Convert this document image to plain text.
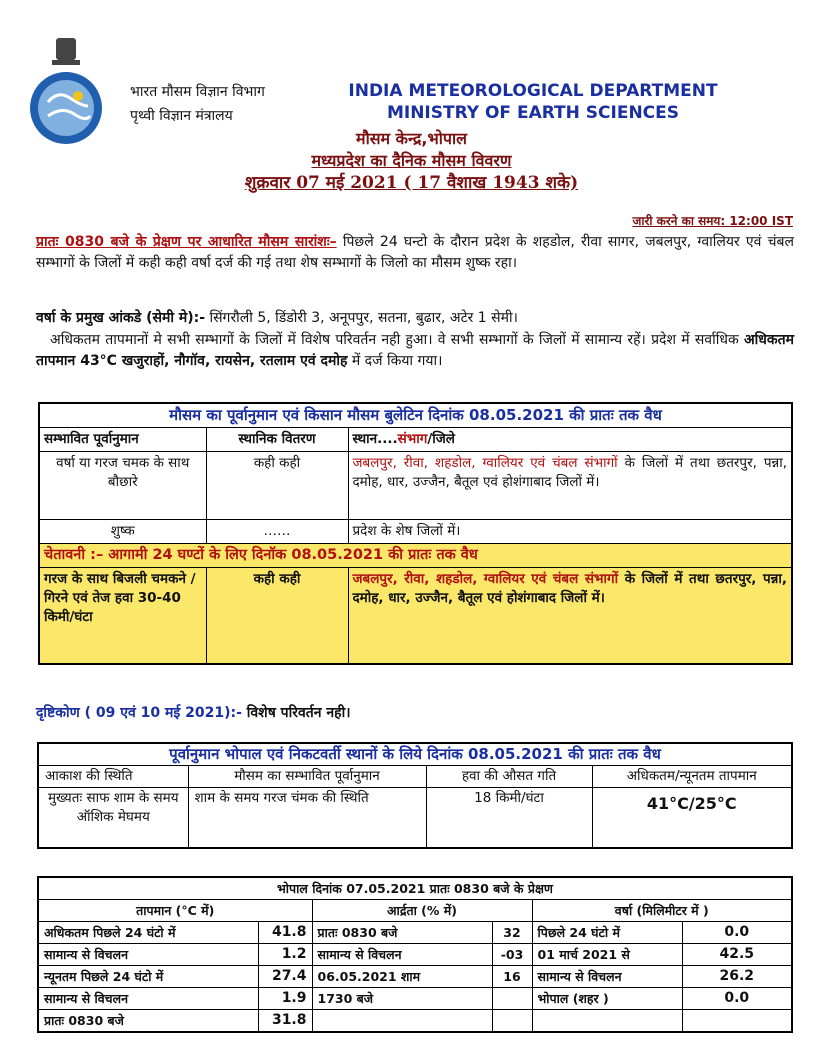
भारत मौसम विज्ञान विभाग
पृथ्वी विज्ञान मंत्रालय
INDIA METEOROLOGICAL DEPARTMENT
MINISTRY OF EARTH SCIENCES
मौसम केन्द्र,भोपाल
मध्यप्रदेश का दैनिक मौसम विवरण
शुक्रवार 07 मई 2021 ( 17 वैशाख 1943 शके)
जारी करने का समय: 12:00 IST
प्रातः 0830 बजे के प्रेक्षण पर आधारित मौसम सारांशः– पिछले 24 घन्टो के दौरान प्रदेश के शहडोल, रीवा सागर, जबलपुर, ग्वालियर एवं चंबल सम्भागों के जिलों में कही कही वर्षा दर्ज की गई तथा शेष सम्भागों के जिलो का मौसम शुष्क रहा।
वर्षा के प्रमुख आंकडे (सेमी मे):- सिंगरौली 5, डिंडोरी 3, अनूपपुर, सतना, बुढार, अटेर 1 सेमी।
अधिकतम तापमानों मे सभी सम्भागों के जिलों में विशेष परिवर्तन नही हुआ। वे सभी सम्भागों के जिलों में सामान्य रहें। प्रदेश में सर्वाधिक अधिकतम तापमान 43°C खजुराहों, नौगॉव, रायसेन, रतलाम एवं दमोह में दर्ज किया गया।
मौसम का पूर्वानुमान एवं किसान मौसम बुलेटिन दिनांक 08.05.2021 की प्रातः तक वैध		
सम्भावित पूर्वानुमान	स्थानिक वितरण	स्थान....संभाग/जिले
वर्षा या गरज चमक के साथ बौछारे	कही कही	जबलपुर, रीवा, शहडोल, ग्वालियर एवं चंबल संभागों के जिलों में तथा छतरपुर, पन्ना, दमोह, धार, उज्जैन, बैतूल एवं होशंगाबाद जिलों में।
शुष्क	……	प्रदेश के शेष जिलों में।
चेतावनी :– आगामी 24 घण्टों के लिए दिनॉक 08.05.2021 की प्रातः तक वैध		
गरज के साथ बिजली चमकने / गिरने एवं तेज हवा 30-40 किमी/घंटा	कही कही	जबलपुर, रीवा, शहडोल, ग्वालियर एवं चंबल संभागों के जिलों में तथा छतरपुर, पन्ना, दमोह, धार, उज्जैन, बैतूल एवं होशंगाबाद जिलों में।
दृष्टिकोण ( 09 एवं 10 मई 2021):- विशेष परिवर्तन नही।
पूर्वानुमान भोपाल एवं निकटवर्ती स्थानों के लिये दिनांक 08.05.2021 की प्रातः तक वैध			
आकाश की स्थिति	मौसम का सम्भावित पूर्वानुमान	हवा की औसत गति	अधिकतम/न्यूनतम तापमान
मुख्यतः साफ शाम के समय ऑशिक मेघमय	शाम के समय गरज चंमक की स्थिति	18 किमी/घंटा	41°C/25°C
भोपाल दिनांक 07.05.2021 प्रातः 0830 बजे के प्रेक्षण					
तापमान (°C में)		आर्द्रता (% में)		वर्षा (मिलिमीटर में )	
अधिकतम पिछले 24 घंटो में	41.8	प्रातः 0830 बजे	32	पिछले 24 घंटो में	0.0
सामान्य से विचलन	1.2	सामान्य से विचलन	-03	01 मार्च 2021 से	42.5
न्यूनतम पिछले 24 घंटो में	27.4	06.05.2021 शाम	16	सामान्य से विचलन	26.2
सामान्य से विचलन	1.9	1730 बजे		भोपाल (शहर )	0.0
प्रातः 0830 बजे	31.8				
